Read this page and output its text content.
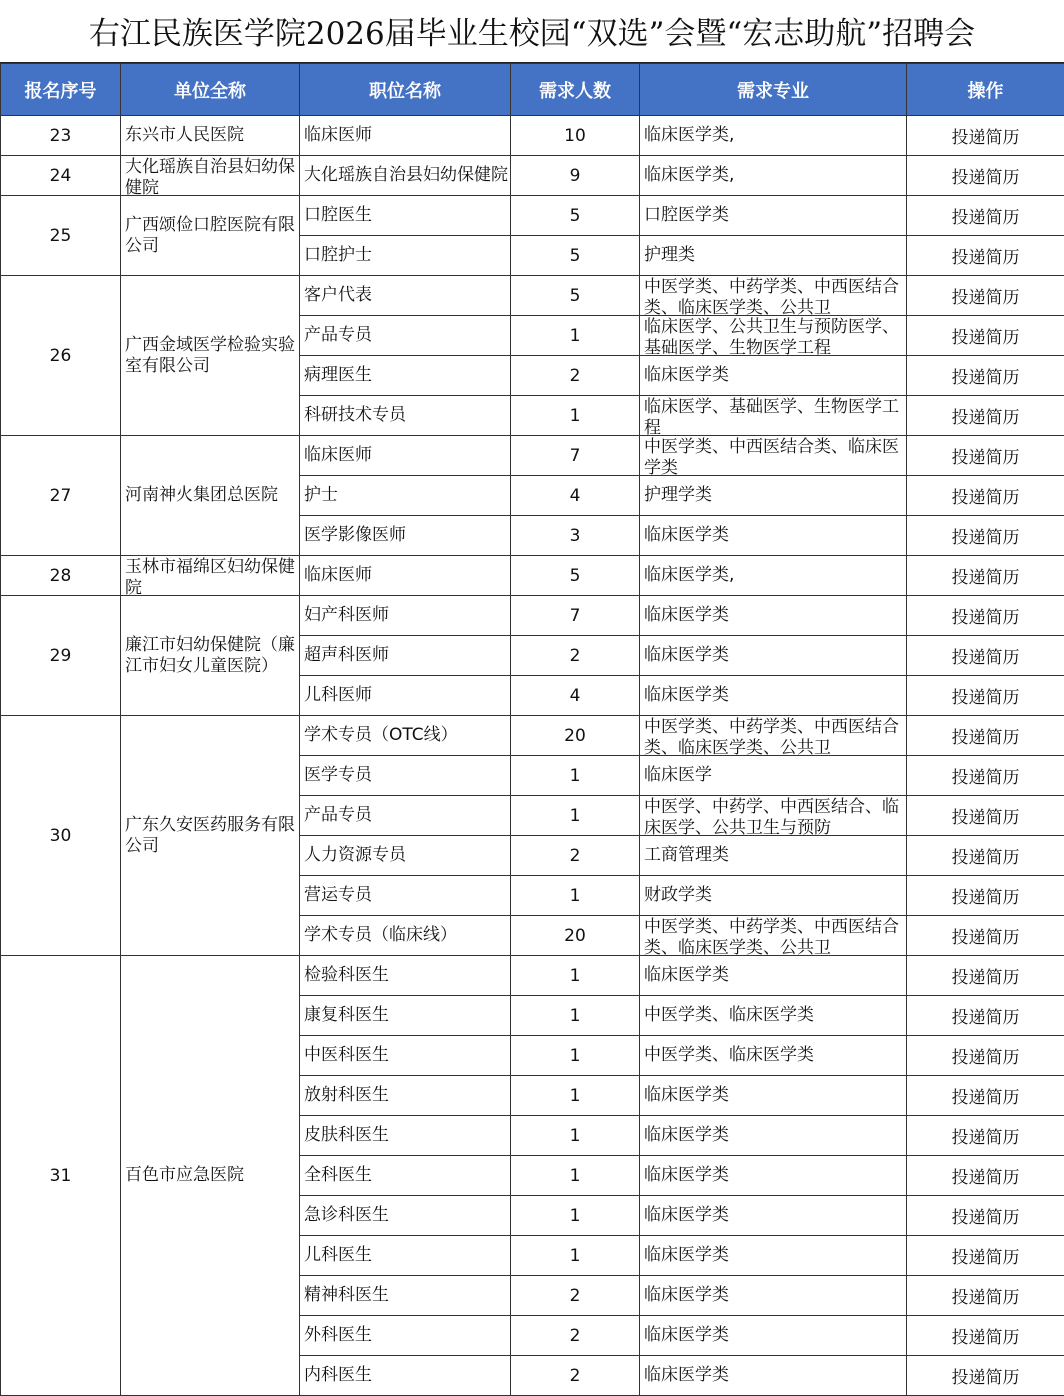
右江民族医学院2026届毕业生校园“双选”会暨“宏志助航”招聘会
报名序号	单位全称	职位名称	需求人数	需求专业	操作
23	东兴市人民医院	临床医师	10	临床医学类,	投递简历
24	大化瑶族自治县妇幼保健院	大化瑶族自治县妇幼保健院	9	临床医学类,	投递简历
25	广西颂俭口腔医院有限公司	口腔医生	5	口腔医学类	投递简历

		口腔护士	5	护理类	投递简历
26	广西金域医学检验实验室有限公司	客户代表	5	中医学类、中药学类、中西医结合类、临床医学类、公共卫	投递简历

		产品专员	1	临床医学、公共卫生与预防医学、基础医学、生物医学工程	投递简历

		病理医生	2	临床医学类	投递简历

		科研技术专员	1	临床医学、基础医学、生物医学工程	投递简历
27	河南神火集团总医院	临床医师	7	中医学类、中西医结合类、临床医学类	投递简历

		护士	4	护理学类	投递简历

		医学影像医师	3	临床医学类	投递简历
28	玉林市福绵区妇幼保健院	临床医师	5	临床医学类,	投递简历
29	廉江市妇幼保健院（廉江市妇女儿童医院）	妇产科医师	7	临床医学类	投递简历

		超声科医师	2	临床医学类	投递简历

		儿科医师	4	临床医学类	投递简历
30	广东久安医药服务有限公司	学术专员（OTC线）	20	中医学类、中药学类、中西医结合类、临床医学类、公共卫	投递简历

		医学专员	1	临床医学	投递简历

		产品专员	1	中医学、中药学、中西医结合、临床医学、公共卫生与预防	投递简历

		人力资源专员	2	工商管理类	投递简历

		营运专员	1	财政学类	投递简历

		学术专员（临床线）	20	中医学类、中药学类、中西医结合类、临床医学类、公共卫	投递简历
31	百色市应急医院	检验科医生	1	临床医学类	投递简历

		康复科医生	1	中医学类、临床医学类	投递简历

		中医科医生	1	中医学类、临床医学类	投递简历

		放射科医生	1	临床医学类	投递简历

		皮肤科医生	1	临床医学类	投递简历

		全科医生	1	临床医学类	投递简历

		急诊科医生	1	临床医学类	投递简历

		儿科医生	1	临床医学类	投递简历

		精神科医生	2	临床医学类	投递简历

		外科医生	2	临床医学类	投递简历

		内科医生	2	临床医学类	投递简历
